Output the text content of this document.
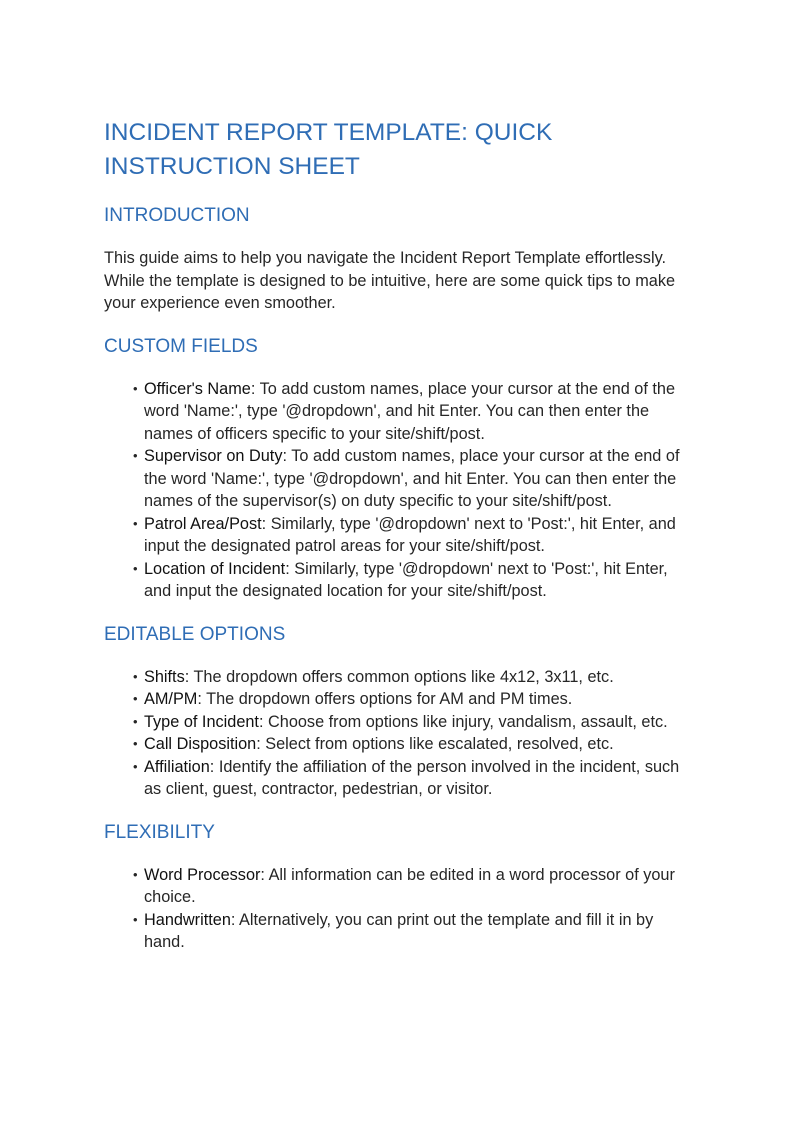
INCIDENT REPORT TEMPLATE: QUICK INSTRUCTION SHEET
INTRODUCTION

This guide aims to help you navigate the Incident Report Template effortlessly. While the template is designed to be intuitive, here are some quick tips to make your experience even smoother.

CUSTOM FIELDS
• Officer's Name: To add custom names, place your cursor at the end of the word 'Name:', type '@dropdown', and hit Enter. You can then enter the names of officers specific to your site/shift/post.
• Supervisor on Duty: To add custom names, place your cursor at the end of the word 'Name:', type '@dropdown', and hit Enter. You can then enter the names of the supervisor(s) on duty specific to your site/shift/post.
• Patrol Area/Post: Similarly, type '@dropdown' next to 'Post:', hit Enter, and input the designated patrol areas for your site/shift/post.
• Location of Incident: Similarly, type '@dropdown' next to 'Post:', hit Enter, and input the designated location for your site/shift/post.
EDITABLE OPTIONS
• Shifts: The dropdown offers common options like 4x12, 3x11, etc.
• AM/PM: The dropdown offers options for AM and PM times.
• Type of Incident: Choose from options like injury, vandalism, assault, etc.
• Call Disposition: Select from options like escalated, resolved, etc.
• Affiliation: Identify the affiliation of the person involved in the incident, such as client, guest, contractor, pedestrian, or visitor.
FLEXIBILITY
• Word Processor: All information can be edited in a word processor of your choice.
• Handwritten: Alternatively, you can print out the template and fill it in by hand.
